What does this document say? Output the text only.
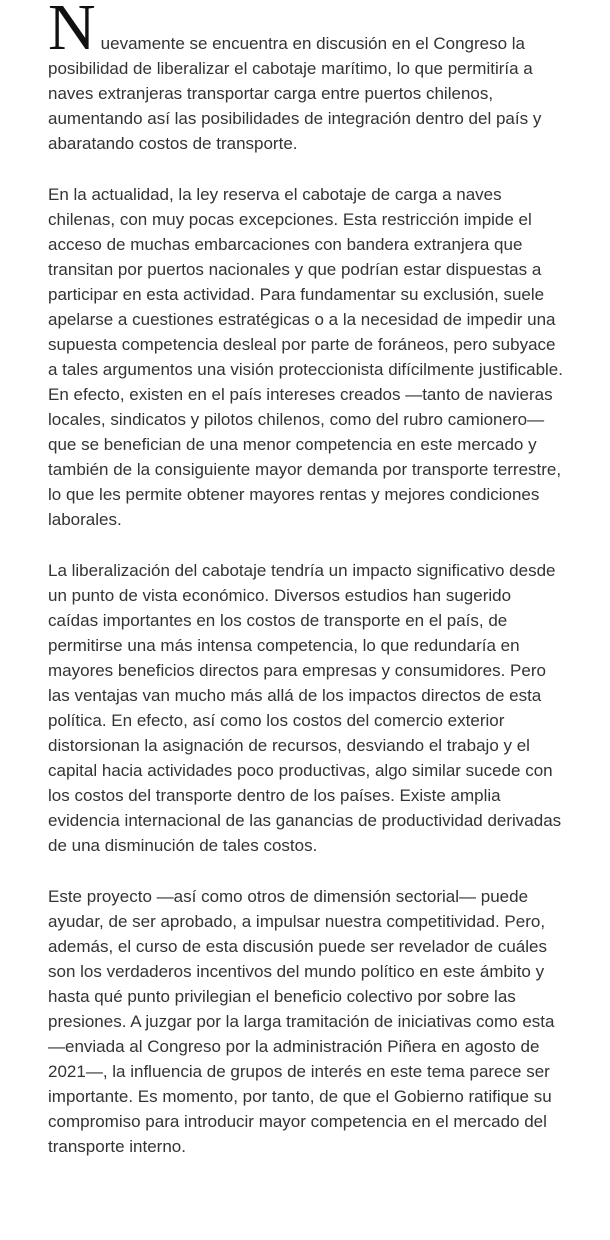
Nuevamente se encuentra en discusión en el Congreso la posibilidad de liberalizar el cabotaje marítimo, lo que permitiría a naves extranjeras transportar carga entre puertos chilenos, aumentando así las posibilidades de integración dentro del país y abaratando costos de transporte.

En la actualidad, la ley reserva el cabotaje de carga a naves chilenas, con muy pocas excepciones. Esta restricción impide el acceso de muchas embarcaciones con bandera extranjera que transitan por puertos nacionales y que podrían estar dispuestas a participar en esta actividad. Para fundamentar su exclusión, suele apelarse a cuestiones estratégicas o a la necesidad de impedir una supuesta competencia desleal por parte de foráneos, pero subyace a tales argumentos una visión proteccionista difícilmente justificable. En efecto, existen en el país intereses creados —tanto de navieras locales, sindicatos y pilotos chilenos, como del rubro camionero— que se benefician de una menor competencia en este mercado y también de la consiguiente mayor demanda por transporte terrestre, lo que les permite obtener mayores rentas y mejores condiciones laborales.

La liberalización del cabotaje tendría un impacto significativo desde un punto de vista económico. Diversos estudios han sugerido caídas importantes en los costos de transporte en el país, de permitirse una más intensa competencia, lo que redundaría en mayores beneficios directos para empresas y consumidores. Pero las ventajas van mucho más allá de los impactos directos de esta política. En efecto, así como los costos del comercio exterior distorsionan la asignación de recursos, desviando el trabajo y el capital hacia actividades poco productivas, algo similar sucede con los costos del transporte dentro de los países. Existe amplia evidencia internacional de las ganancias de productividad derivadas de una disminución de tales costos.

Este proyecto —así como otros de dimensión sectorial— puede ayudar, de ser aprobado, a impulsar nuestra competitividad. Pero, además, el curso de esta discusión puede ser revelador de cuáles son los verdaderos incentivos del mundo político en este ámbito y hasta qué punto privilegian el beneficio colectivo por sobre las presiones. A juzgar por la larga tramitación de iniciativas como esta —enviada al Congreso por la administración Piñera en agosto de 2021—, la influencia de grupos de interés en este tema parece ser importante. Es momento, por tanto, de que el Gobierno ratifique su compromiso para introducir mayor competencia en el mercado del transporte interno.
